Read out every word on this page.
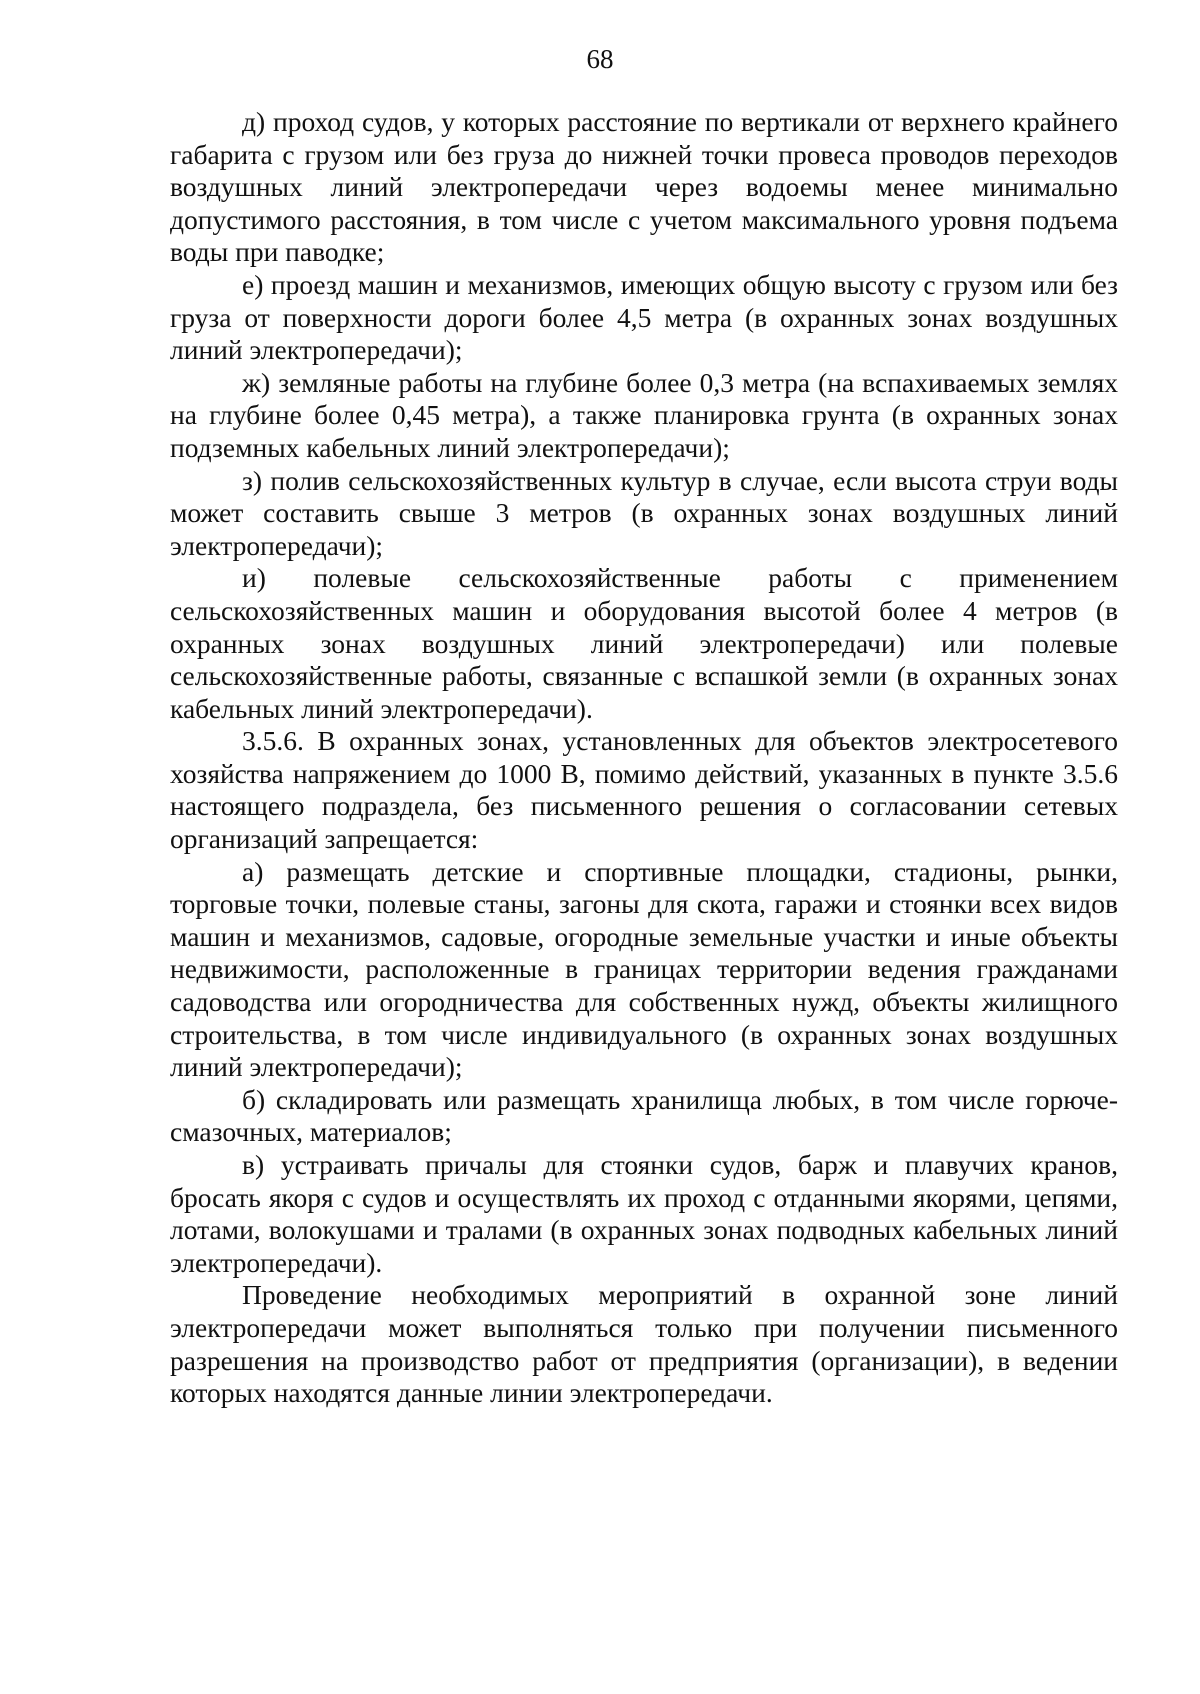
68

д) проход судов, у которых расстояние по вертикали от верхнего крайнего габарита с грузом или без груза до нижней точки провеса проводов переходов воздушных линий электропередачи через водоемы менее минимально допустимого расстояния, в том числе с учетом максимального уровня подъема воды при паводке;

е) проезд машин и механизмов, имеющих общую высоту с грузом или без груза от поверхности дороги более 4,5 метра (в охранных зонах воздушных линий электропередачи);

ж) земляные работы на глубине более 0,3 метра (на вспахиваемых землях на глубине более 0,45 метра), а также планировка грунта (в охранных зонах подземных кабельных линий электропередачи);

з) полив сельскохозяйственных культур в случае, если высота струи воды может составить свыше 3 метров (в охранных зонах воздушных линий электропередачи);

и) полевые сельскохозяйственные работы с применением сельскохозяйственных машин и оборудования высотой более 4 метров (в охранных зонах воздушных линий электропередачи) или полевые сельскохозяйственные работы, связанные с вспашкой земли (в охранных зонах кабельных линий электропередачи).

3.5.6. В охранных зонах, установленных для объектов электросетевого хозяйства напряжением до 1000 В, помимо действий, указанных в пункте 3.5.6 настоящего подраздела, без письменного решения о согласовании сетевых организаций запрещается:

а) размещать детские и спортивные площадки, стадионы, рынки, торговые точки, полевые станы, загоны для скота, гаражи и стоянки всех видов машин и механизмов, садовые, огородные земельные участки и иные объекты недвижимости, расположенные в границах территории ведения гражданами садоводства или огородничества для собственных нужд, объекты жилищного строительства, в том числе индивидуального (в охранных зонах воздушных линий электропередачи);

б) складировать или размещать хранилища любых, в том числе горюче-смазочных, материалов;

в) устраивать причалы для стоянки судов, барж и плавучих кранов, бросать якоря с судов и осуществлять их проход с отданными якорями, цепями, лотами, волокушами и тралами (в охранных зонах подводных кабельных линий электропередачи).

Проведение необходимых мероприятий в охранной зоне линий электропередачи может выполняться только при получении письменного разрешения на производство работ от предприятия (организации), в ведении которых находятся данные линии электропередачи.
